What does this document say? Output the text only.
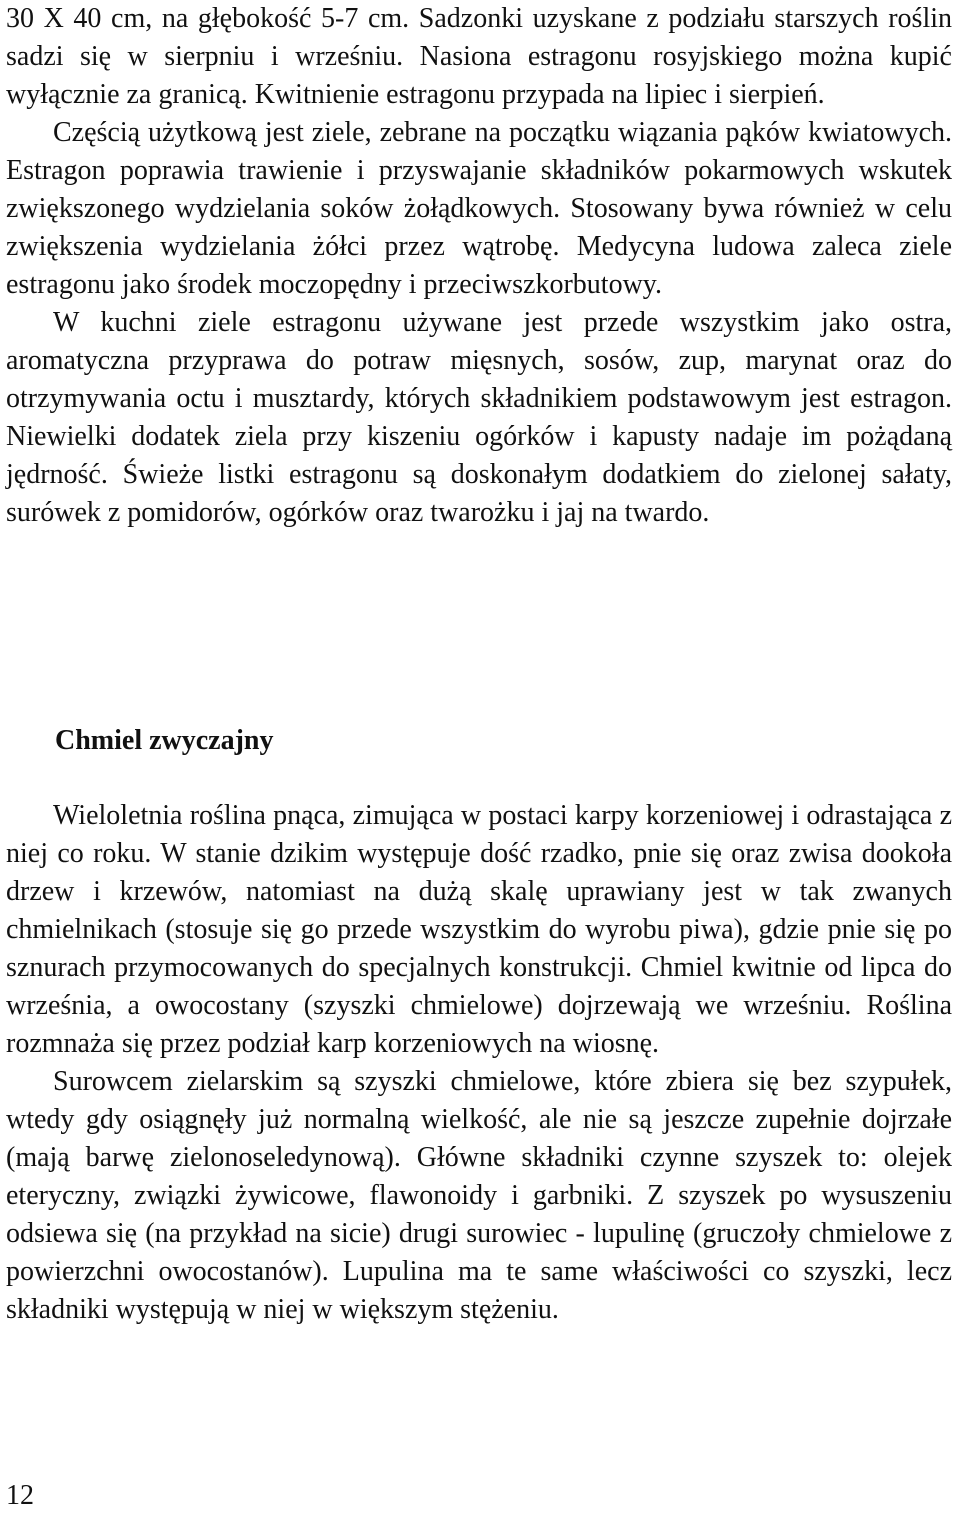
30 X 40 cm, na głębokość 5-7 cm. Sadzonki uzyskane z podziału starszych roślin sadzi się w sierpniu i wrześniu. Nasiona estragonu rosyjskiego można kupić wyłącznie za granicą. Kwitnienie estragonu przypada na lipiec i sierpień.

Częścią użytkową jest ziele, zebrane na początku wiązania pąków kwiatowych. Estragon poprawia trawienie i przyswajanie składników pokarmowych wskutek zwiększonego wydzielania soków żołądkowych. Stosowany bywa również w celu zwiększenia wydzielania żółci przez wątrobę. Medycyna ludowa zaleca ziele estragonu jako środek moczopędny i przeciwszkorbutowy.

W kuchni ziele estragonu używane jest przede wszystkim jako ostra, aromatyczna przyprawa do potraw mięsnych, sosów, zup, marynat oraz do otrzymywania octu i musztardy, których składnikiem podstawowym jest estragon. Niewielki dodatek ziela przy kiszeniu ogórków i kapusty nadaje im pożądaną jędrność. Świeże listki estragonu są doskonałym dodatkiem do zielonej sałaty, surówek z pomidorów, ogórków oraz twarożku i jaj na twardo.

Chmiel zwyczajny

Wieloletnia roślina pnąca, zimująca w postaci karpy korzeniowej i odrastająca z niej co roku. W stanie dzikim występuje dość rzadko, pnie się oraz zwisa dookoła drzew i krzewów, natomiast na dużą skalę uprawiany jest w tak zwanych chmielnikach (stosuje się go przede wszystkim do wyrobu piwa), gdzie pnie się po sznurach przymocowanych do specjalnych konstrukcji. Chmiel kwitnie od lipca do września, a owocostany (szyszki chmielowe) dojrzewają we wrześniu. Roślina rozmnaża się przez podział karp korzeniowych na wiosnę.

Surowcem zielarskim są szyszki chmielowe, które zbiera się bez szypułek, wtedy gdy osiągnęły już normalną wielkość, ale nie są jeszcze zupełnie dojrzałe (mają barwę zielonoseledynową). Główne składniki czynne szyszek to: olejek eteryczny, związki żywicowe, flawonoidy i garbniki. Z szyszek po wysuszeniu odsiewa się (na przykład na sicie) drugi surowiec - lupulinę (gruczoły chmielowe z powierzchni owocostanów). Lupulina ma te same właściwości co szyszki, lecz składniki występują w niej w większym stężeniu.

12
